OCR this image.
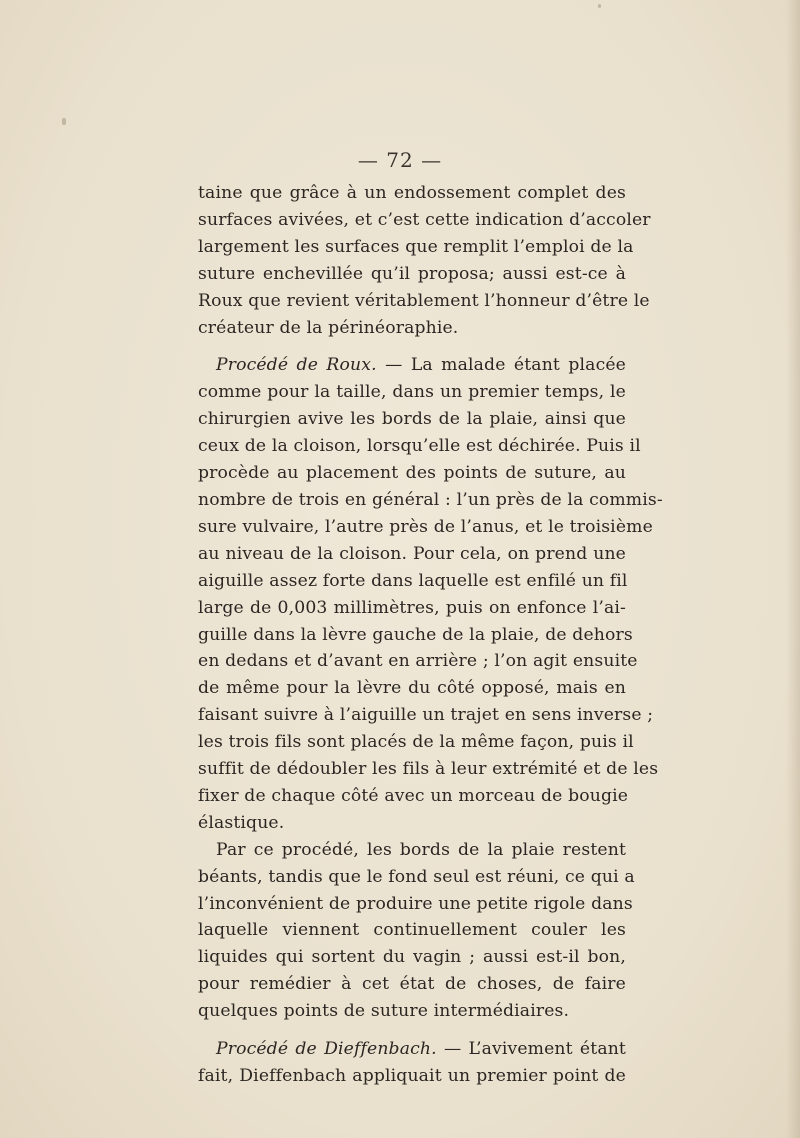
— 72 —

taine que grâce à un endossement complet des
surfaces avivées, et c’est cette indication d’accoler
largement les surfaces que remplit l’emploi de la
suture enchevillée qu’il proposa; aussi est-ce à
Roux que revient véritablement l’honneur d’être le
créateur de la périnéoraphie.

Procédé de Roux. — La malade étant placée
comme pour la taille, dans un premier temps, le
chirurgien avive les bords de la plaie, ainsi que
ceux de la cloison, lorsqu’elle est déchirée. Puis il
procède au placement des points de suture, au
nombre de trois en général : l’un près de la commis-
sure vulvaire, l’autre près de l’anus, et le troisième
au niveau de la cloison. Pour cela, on prend une
aiguille assez forte dans laquelle est enfilé un fil
large de 0,003 millimètres, puis on enfonce l’ai-
guille dans la lèvre gauche de la plaie, de dehors
en dedans et d’avant en arrière ; l’on agit ensuite
de même pour la lèvre du côté opposé, mais en
faisant suivre à l’aiguille un trajet en sens inverse ;
les trois fils sont placés de la même façon, puis il
suffit de dédoubler les fils à leur extrémité et de les
fixer de chaque côté avec un morceau de bougie
élastique.

Par ce procédé, les bords de la plaie restent
béants, tandis que le fond seul est réuni, ce qui a
l’inconvénient de produire une petite rigole dans
laquelle viennent continuellement couler les
liquides qui sortent du vagin ; aussi est-il bon,
pour remédier à cet état de choses, de faire
quelques points de suture intermédiaires.

Procédé de Dieffenbach. — L’avivement étant
fait, Dieffenbach appliquait un premier point de
